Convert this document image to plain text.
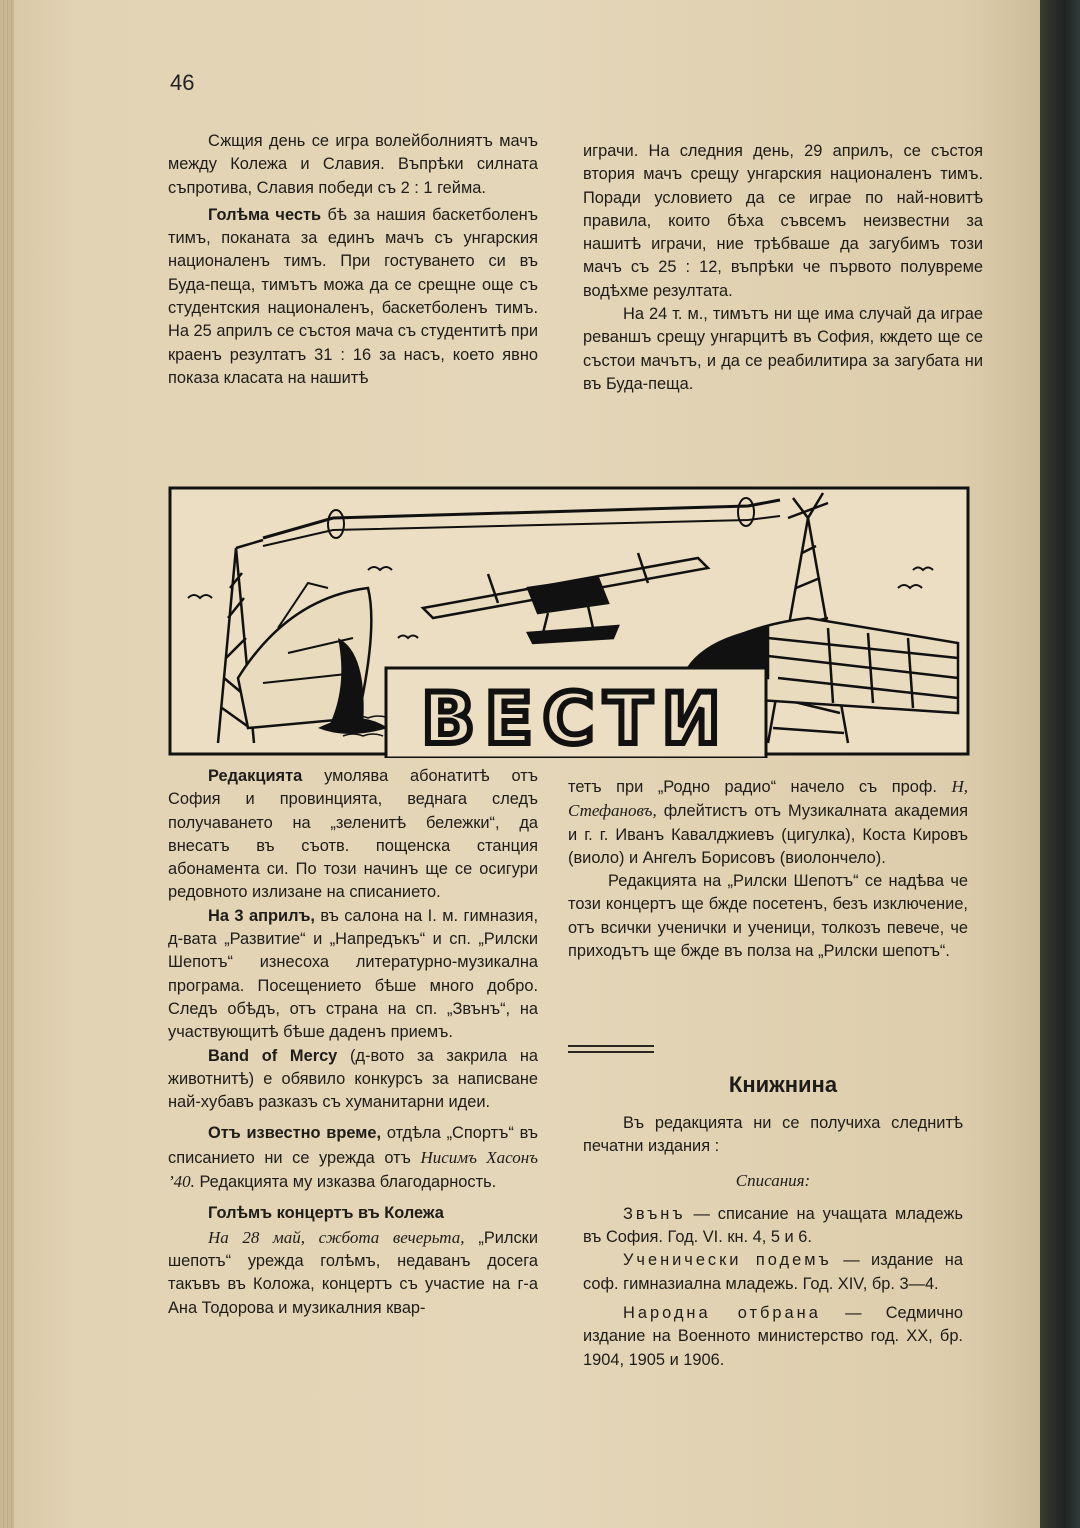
46

Сжщия день се игра волейболниятъ мачъ между Колежа и Славия. Въпрѣки силната съпротива, Славия победи съ 2 : 1 гейма.

Голѣма честь бѣ за нашия баскетболенъ тимъ, поканата за единъ мачъ съ унгарския националенъ тимъ. При гостуването си въ Буда-пеща, тимътъ можа да се срещне още съ студентския националенъ, баскетболенъ тимъ. На 25 априлъ се състоя мача съ студентитѣ при краенъ резултатъ 31 : 16 за насъ, което явно показа класата на нашитѣ

играчи. На следния день, 29 априлъ, се състоя втория мачъ срещу унгарския националенъ тимъ. Поради условието да се играе по най-новитѣ правила, които бѣха съвсемъ неизвестни за нашитѣ играчи, ние трѣбваше да загубимъ този мачъ съ 25 : 12, въпрѣки че първото полувреме водѣхме резултата.

На 24 т. м., тимътъ ни ще има случай да играе реваншъ срещу унгарцитѣ въ София, кждето ще се състои мачътъ, и да се реабилитира за загубата ни въ Буда-пеща.

ВЕСТИ

Редакцията умолява абонатитѣ отъ София и провинцията, веднага следъ получаването на „зеленитѣ бележки“, да внесатъ въ съотв. пощенска станция абонамента си. По този начинъ ще се осигури редовното излизане на списанието.

На 3 априлъ, въ салона на I. м. гимназия, д-вата „Развитие“ и „Напредъкъ“ и сп. „Рилски Шепотъ“ изнесоха литературно-музикална програма. Посещението бѣше много добро. Следъ обѣдъ, отъ страна на сп. „Звънъ“, на участвующитѣ бѣше даденъ приемъ.

Band of Mercy (д-вото за закрила на животнитѣ) е обявило конкурсъ за написване най-хубавъ разказъ съ хуманитарни идеи.

Отъ известно време, отдѣла „Спортъ“ въ списанието ни се урежда отъ Нисимъ Хасонъ ’40. Редакцията му изказва благодарность.

Голѣмъ концертъ въ Колежа

На 28 май, сжбота вечерьта, „Рилски шепотъ“ урежда голѣмъ, недаванъ досега такъвъ въ Коложа, концертъ съ участие на г-а Ана Тодорова и музикалния квар-

тетъ при „Родно радио“ начело съ проф. Н, Стефановъ, флейтистъ отъ Музикалната академия и г. г. Иванъ Кавалджиевъ (цигулка), Коста Кировъ (виоло) и Ангелъ Борисовъ (виолончело).

Редакцията на „Рилски Шепотъ“ се надѣва че този концертъ ще бжде посетенъ, безъ изключение, отъ всички ученички и ученици, толкозъ певече, че приходътъ ще бжде въ полза на „Рилски шепотъ“.

Книжнина

Въ редакцията ни се получиха следнитѣ печатни издания :

Списания:

Звънъ — списание на учащата младежь въ София. Год. VI. кн. 4, 5 и 6.

Ученически подемъ — издание на соф. гимназиална младежь. Год. XIV, бр. 3—4.

Народна отбрана — Седмично издание на Военното министерство год. XX, бр. 1904, 1905 и 1906.
